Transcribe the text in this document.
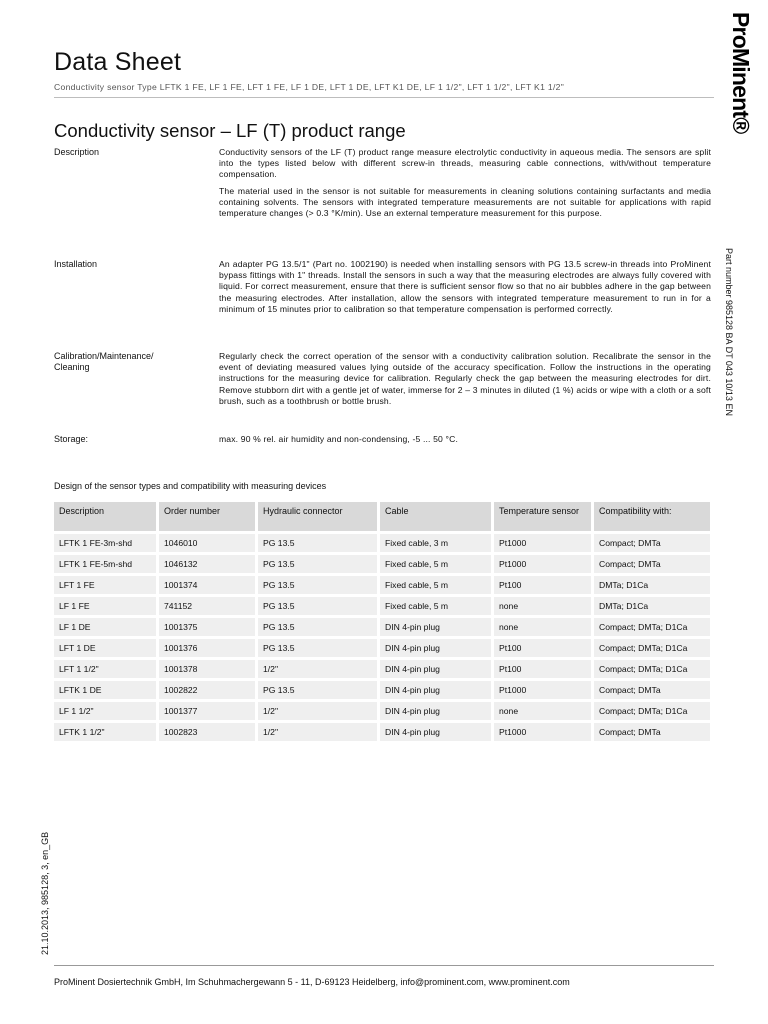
Data Sheet
Conductivity sensor Type LFTK 1 FE, LF 1 FE, LFT 1 FE, LF 1 DE, LFT 1 DE, LFT K1 DE, LF 1 1/2", LFT 1 1/2", LFT K1 1/2"	ProMinent®
Part number 985128 BA DT 043 10/13 EN
21.10.2013, 985128, 3, en_GB
Conductivity sensor – LF (T) product range
Description	Conductivity sensors of the LF (T) product range measure electrolytic conductivity in aqueous media. The sensors are split into the types listed below with different screw-in threads, measuring cable connections, with/without temperature compensation.
The material used in the sensor is not suitable for measurements in cleaning solutions containing surfactants and media containing solvents. The sensors with integrated temperature measurements are not suitable for applications with rapid temperature changes (> 0.3 °K/min). Use an external temperature measurement for this purpose.
Installation	An adapter PG 13.5/1" (Part no. 1002190) is needed when installing sensors with PG 13.5 screw-in threads into ProMinent bypass fittings with 1" threads. Install the sensors in such a way that the measuring electrodes are always fully covered with liquid. For correct measurement, ensure that there is sufficient sensor flow so that no air bubbles adhere in the gap between the measuring electrodes. After installation, allow the sensors with integrated temperature measurement to run in for a minimum of 15 minutes prior to calibration so that temperature compensation is performed correctly.
Calibration/Maintenance/
Cleaning
Regularly check the correct operation of the sensor with a conductivity calibration solution. Recalibrate the sensor in the event of deviating measured values lying outside of the accuracy specification. Follow the instructions in the operating instructions for the measuring device for calibration. Regularly check the gap between the measuring electrodes for dirt. Remove stubborn dirt with a gentle jet of water, immerse for 2 – 3 minutes in diluted (1 %) acids or wipe with a cloth or a soft brush, such as a toothbrush or bottle brush.
Storage:	max. 90 % rel. air humidity and non-condensing, -5 ... 50 °C.
Design of the sensor types and compatibility with measuring devices
Description	Order number	Hydraulic connector	Cable	Temperature sensor	Compatibility with:
LFTK 1 FE-3m-shd	1046010	PG 13.5	Fixed cable, 3 m	Pt1000	Compact; DMTa
LFTK 1 FE-5m-shd	1046132	PG 13.5	Fixed cable, 5 m	Pt1000	Compact; DMTa
LFT 1 FE	1001374	PG 13.5	Fixed cable, 5 m	Pt100	DMTa; D1Ca
LF 1 FE	741152	PG 13.5	Fixed cable, 5 m	none	DMTa; D1Ca
LF 1 DE	1001375	PG 13.5	DIN 4-pin plug	none	Compact; DMTa; D1Ca
LFT 1 DE	1001376	PG 13.5	DIN 4-pin plug	Pt100	Compact; DMTa; D1Ca
LFT 1 1/2"	1001378	1/2"	DIN 4-pin plug	Pt100	Compact; DMTa; D1Ca
LFTK 1 DE	1002822	PG 13.5	DIN 4-pin plug	Pt1000	Compact; DMTa
LF 1 1/2"	1001377	1/2"	DIN 4-pin plug	none	Compact; DMTa; D1Ca
LFTK 1 1/2"	1002823	1/2"	DIN 4-pin plug	Pt1000	Compact; DMTa
ProMinent Dosiertechnik GmbH, Im Schuhmachergewann 5 - 11, D-69123 Heidelberg, info@prominent.com, www.prominent.com
